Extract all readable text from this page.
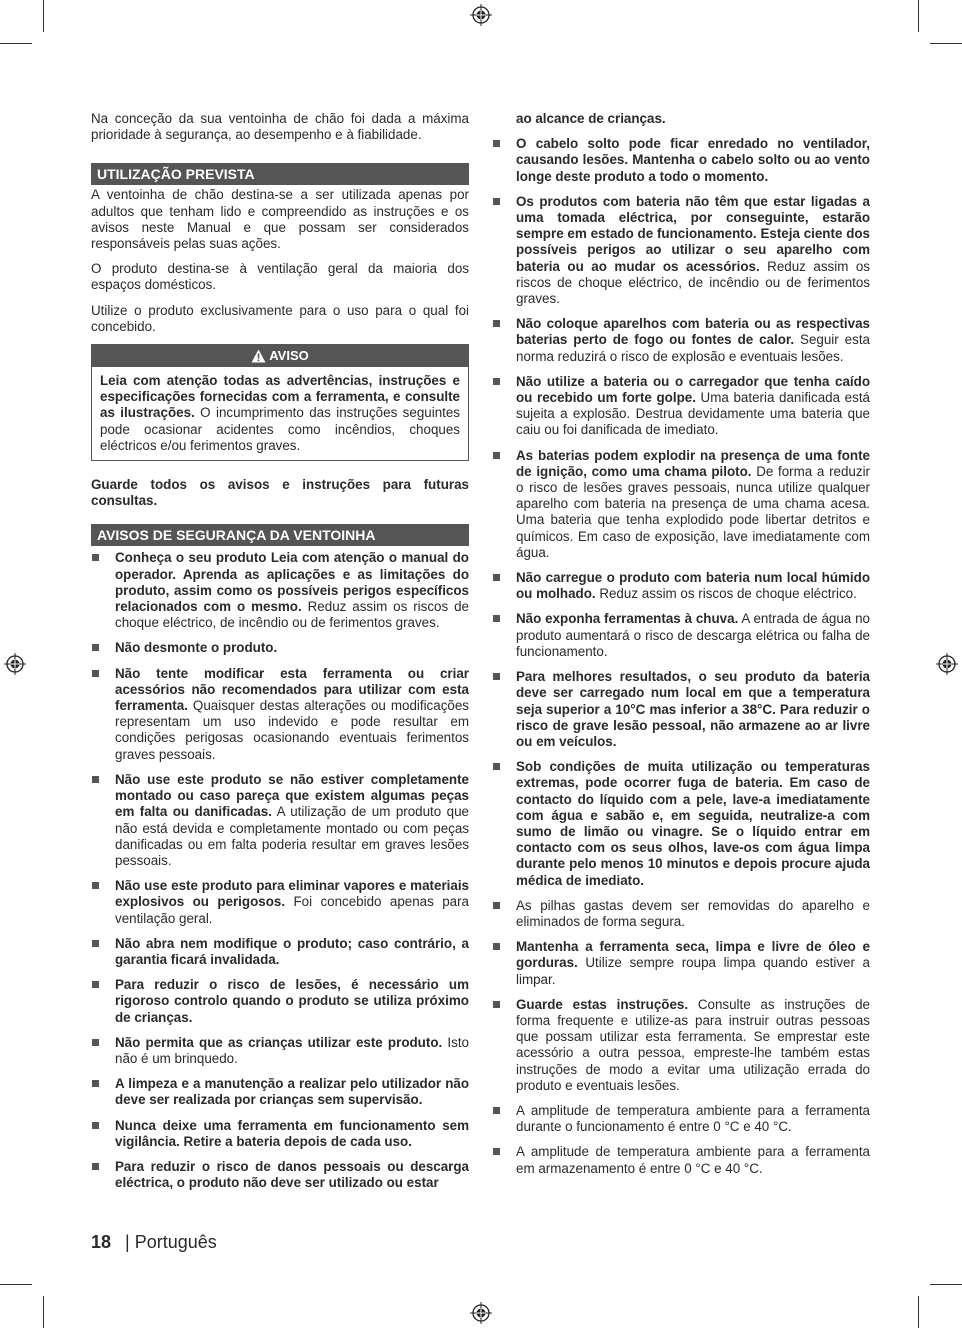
Na conceção da sua ventoinha de chão foi dada a máxima prioridade à segurança, ao desempenho e à fiabilidade.

UTILIZAÇÃO PREVISTA

A ventoinha de chão destina-se a ser utilizada apenas por adultos que tenham lido e compreendido as instruções e os avisos neste Manual e que possam ser considerados responsáveis pelas suas ações.

O produto destina-se à ventilação geral da maioria dos espaços domésticos.

Utilize o produto exclusivamente para o uso para o qual foi concebido.

AVISO
Leia com atenção todas as advertências, instruções e especificações fornecidas com a ferramenta, e consulte as ilustrações. O incumprimento das instruções seguintes pode ocasionar acidentes como incêndios, choques eléctricos e/ou ferimentos graves.

Guarde todos os avisos e instruções para futuras consultas.

AVISOS DE SEGURANÇA DA VENTOINHA
Conheça o seu produto Leia com atenção o manual do operador. Aprenda as aplicações e as limitações do produto, assim como os possíveis perigos específicos relacionados com o mesmo. Reduz assim os riscos de choque eléctrico, de incêndio ou de ferimentos graves.
Não desmonte o produto.
Não tente modificar esta ferramenta ou criar acessórios não recomendados para utilizar com esta ferramenta. Quaisquer destas alterações ou modificações representam um uso indevido e pode resultar em condições perigosas ocasionando eventuais ferimentos graves pessoais.
Não use este produto se não estiver completamente montado ou caso pareça que existem algumas peças em falta ou danificadas. A utilização de um produto que não está devida e completamente montado ou com peças danificadas ou em falta poderia resultar em graves lesões pessoais.
Não use este produto para eliminar vapores e materiais explosivos ou perigosos. Foi concebido apenas para ventilação geral.
Não abra nem modifique o produto; caso contrário, a garantia ficará invalidada.
Para reduzir o risco de lesões, é necessário um rigoroso controlo quando o produto se utiliza próximo de crianças.
Não permita que as crianças utilizar este produto. Isto não é um brinquedo.
A limpeza e a manutenção a realizar pelo utilizador não deve ser realizada por crianças sem supervisão.
Nunca deixe uma ferramenta em funcionamento sem vigilância. Retire a bateria depois de cada uso.
Para reduzir o risco de danos pessoais ou descarga eléctrica, o produto não deve ser utilizado ou estar

ao alcance de crianças.

O cabelo solto pode ficar enredado no ventilador, causando lesões. Mantenha o cabelo solto ou ao vento longe deste produto a todo o momento.
Os produtos com bateria não têm que estar ligadas a uma tomada eléctrica, por conseguinte, estarão sempre em estado de funcionamento. Esteja ciente dos possíveis perigos ao utilizar o seu aparelho com bateria ou ao mudar os acessórios. Reduz assim os riscos de choque eléctrico, de incêndio ou de ferimentos graves.
Não coloque aparelhos com bateria ou as respectivas baterias perto de fogo ou fontes de calor. Seguir esta norma reduzirá o risco de explosão e eventuais lesões.
Não utilize a bateria ou o carregador que tenha caído ou recebido um forte golpe. Uma bateria danificada está sujeita a explosão. Destrua devidamente uma bateria que caiu ou foi danificada de imediato.
As baterias podem explodir na presença de uma fonte de ignição, como uma chama piloto. De forma a reduzir o risco de lesões graves pessoais, nunca utilize qualquer aparelho com bateria na presença de uma chama acesa. Uma bateria que tenha explodido pode libertar detritos e químicos. Em caso de exposição, lave imediatamente com água.
Não carregue o produto com bateria num local húmido ou molhado. Reduz assim os riscos de choque eléctrico.
Não exponha ferramentas à chuva. A entrada de água no produto aumentará o risco de descarga elétrica ou falha de funcionamento.
Para melhores resultados, o seu produto da bateria deve ser carregado num local em que a temperatura seja superior a 10°C mas inferior a 38°C. Para reduzir o risco de grave lesão pessoal, não armazene ao ar livre ou em veículos.
Sob condições de muita utilização ou temperaturas extremas, pode ocorrer fuga de bateria. Em caso de contacto do líquido com a pele, lave-a imediatamente com água e sabão e, em seguida, neutralize-a com sumo de limão ou vinagre. Se o líquido entrar em contacto com os seus olhos, lave-os com água limpa durante pelo menos 10 minutos e depois procure ajuda médica de imediato.
As pilhas gastas devem ser removidas do aparelho e eliminados de forma segura.
Mantenha a ferramenta seca, limpa e livre de óleo e gorduras. Utilize sempre roupa limpa quando estiver a limpar.
Guarde estas instruções. Consulte as instruções de forma frequente e utilize-as para instruir outras pessoas que possam utilizar esta ferramenta. Se emprestar este acessório a outra pessoa, empreste-lhe também estas instruções de modo a evitar uma utilização errada do produto e eventuais lesões.
A amplitude de temperatura ambiente para a ferramenta durante o funcionamento é entre 0 °C e 40 °C.
A amplitude de temperatura ambiente para a ferramenta em armazenamento é entre 0 °C e 40 °C.
18 | Português
